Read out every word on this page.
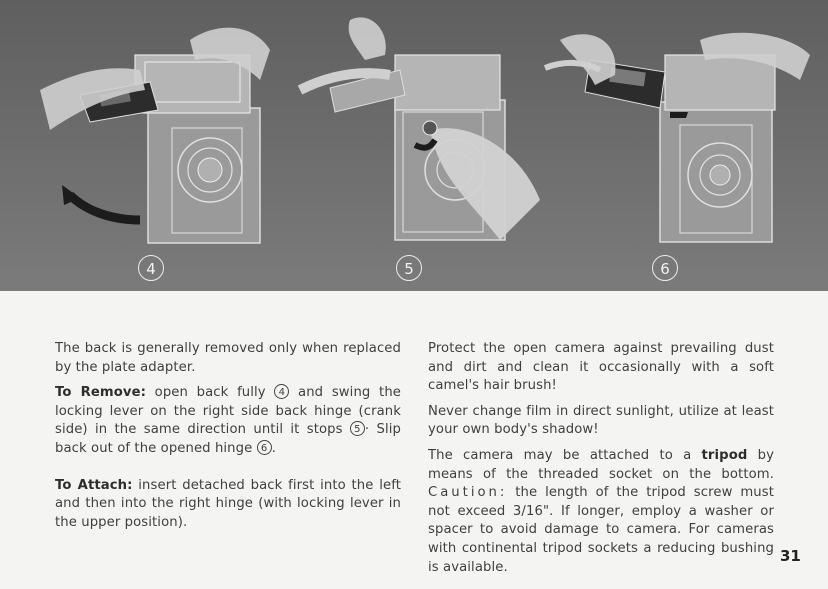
4	5	6

The back is generally removed only when replaced by the plate adapter.

To Remove: open back fully 4 and swing the locking lever on the right side back hinge (crank side) in the same direction until it stops 5 · Slip back out of the opened hinge 6 .

To Attach: insert detached back first into the left and then into the right hinge (with locking lever in the upper position).

Protect the open camera against prevailing dust and dirt and clean it occasionally with a soft camel's hair brush!

Never change film in direct sunlight, utilize at least your own body's shadow!

The camera may be attached to a tripod by means of the threaded socket on the bottom. Caution: the length of the tripod screw must not exceed 3/16". If longer, employ a washer or spacer to avoid damage to camera. For cameras with continental tripod sockets a reducing bushing is available.

31
